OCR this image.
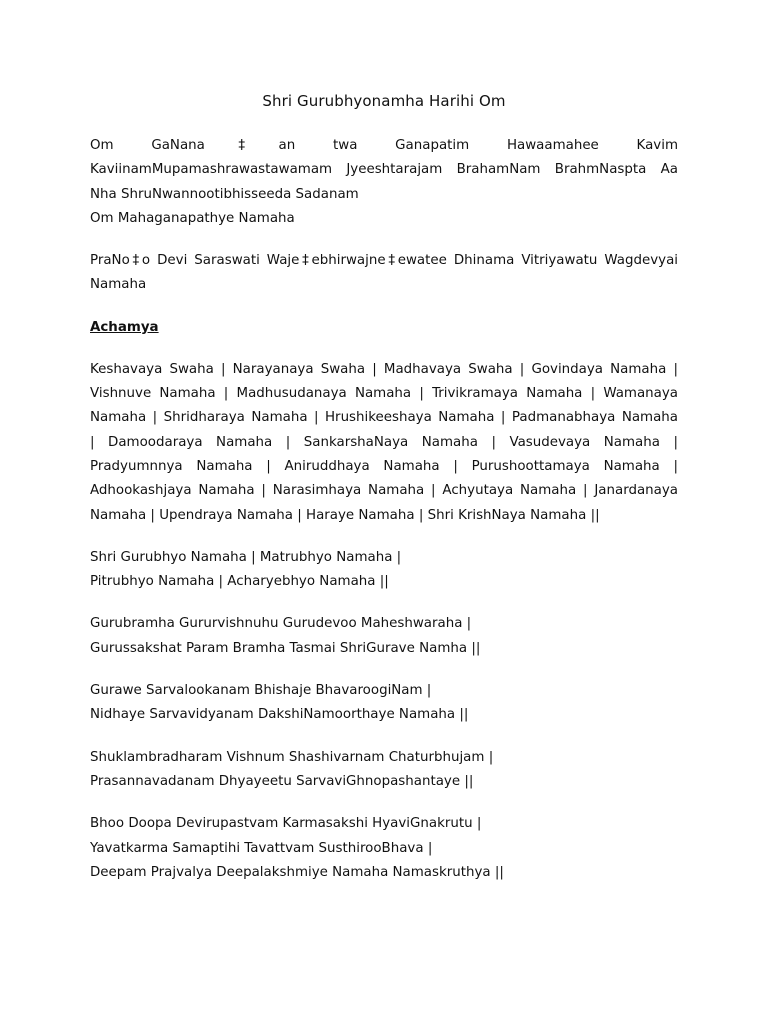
Shri Gurubhyonamha Harihi Om
Om GaNana‡an twa Ganapatim Hawaamahee Kavim
KaviinamMupamashrawastawamam Jyeeshtarajam BrahamNam BrahmNaspta Aa
Nha ShruNwannootibhisseeda Sadanam
Om Mahaganapathye Namaha
PraNo‡o Devi Saraswati Waje‡ebhirwajne‡ewatee Dhinama Vitriyawatu Wagdevyai
Namaha
Achamya
Keshavaya Swaha | Narayanaya Swaha | Madhavaya Swaha | Govindaya Namaha |
Vishnuve Namaha | Madhusudanaya Namaha | Trivikramaya Namaha | Wamanaya
Namaha | Shridharaya Namaha | Hrushikeeshaya Namaha | Padmanabhaya Namaha
| Damoodaraya Namaha | SankarshaNaya Namaha | Vasudevaya Namaha |
Pradyumnnya Namaha | Aniruddhaya Namaha | Purushoottamaya Namaha |
Adhookashjaya Namaha | Narasimhaya Namaha | Achyutaya Namaha | Janardanaya
Namaha | Upendraya Namaha | Haraye Namaha | Shri KrishNaya Namaha ||
Shri Gurubhyo Namaha | Matrubhyo Namaha |
Pitrubhyo Namaha | Acharyebhyo Namaha ||
Gurubramha Gururvishnuhu Gurudevoo Maheshwaraha |
Gurussakshat Param Bramha Tasmai ShriGurave Namha ||
Gurawe Sarvalookanam Bhishaje BhavaroogiNam |
Nidhaye Sarvavidyanam DakshiNamoorthaye Namaha ||
Shuklambradharam Vishnum Shashivarnam Chaturbhujam |
Prasannavadanam Dhyayeetu SarvaviGhnopashantaye ||
Bhoo Doopa Devirupastvam Karmasakshi HyaviGnakrutu |
Yavatkarma Samaptihi Tavattvam SusthirooBhava |
Deepam Prajvalya Deepalakshmiye Namaha Namaskruthya ||
